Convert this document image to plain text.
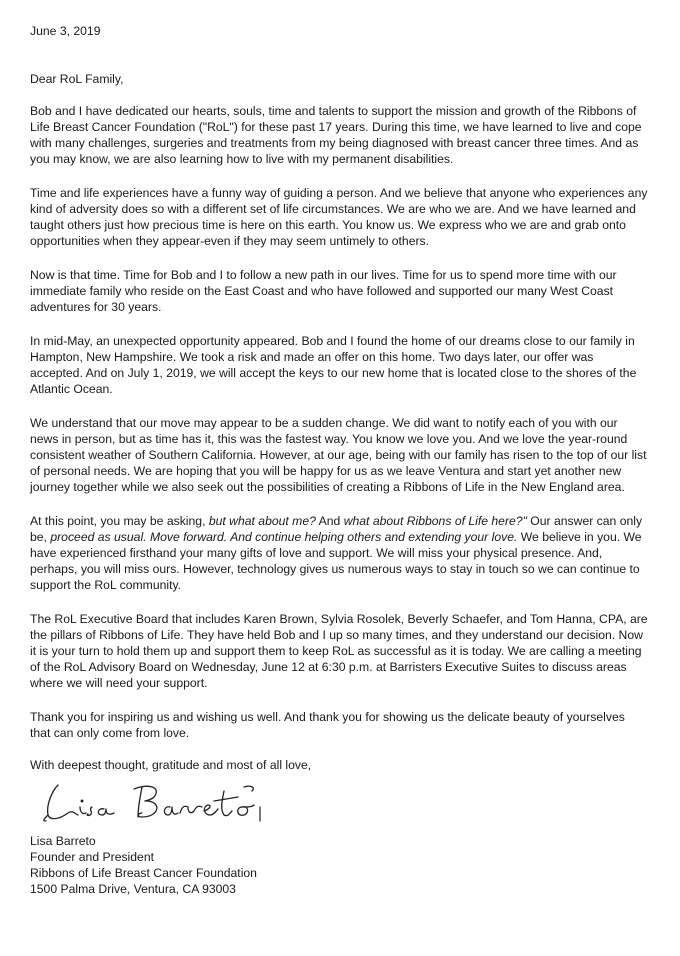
June 3, 2019

Dear RoL Family,

Bob and I have dedicated our hearts, souls, time and talents to support the mission and growth of the Ribbons of Life Breast Cancer Foundation ("RoL") for these past 17 years. During this time, we have learned to live and cope with many challenges, surgeries and treatments from my being diagnosed with breast cancer three times. And as you may know, we are also learning how to live with my permanent disabilities.

Time and life experiences have a funny way of guiding a person. And we believe that anyone who experiences any kind of adversity does so with a different set of life circumstances. We are who we are. And we have learned and taught others just how precious time is here on this earth. You know us. We express who we are and grab onto opportunities when they appear-even if they may seem untimely to others.

Now is that time. Time for Bob and I to follow a new path in our lives. Time for us to spend more time with our immediate family who reside on the East Coast and who have followed and supported our many West Coast adventures for 30 years.

In mid-May, an unexpected opportunity appeared. Bob and I found the home of our dreams close to our family in Hampton, New Hampshire. We took a risk and made an offer on this home. Two days later, our offer was accepted. And on July 1, 2019, we will accept the keys to our new home that is located close to the shores of the Atlantic Ocean.

We understand that our move may appear to be a sudden change. We did want to notify each of you with our news in person, but as time has it, this was the fastest way. You know we love you. And we love the year-round consistent weather of Southern California. However, at our age, being with our family has risen to the top of our list of personal needs. We are hoping that you will be happy for us as we leave Ventura and start yet another new journey together while we also seek out the possibilities of creating a Ribbons of Life in the New England area.

At this point, you may be asking, but what about me? And what about Ribbons of Life here?" Our answer can only be, proceed as usual. Move forward. And continue helping others and extending your love. We believe in you. We have experienced firsthand your many gifts of love and support. We will miss your physical presence. And, perhaps, you will miss ours. However, technology gives us numerous ways to stay in touch so we can continue to support the RoL community.

The RoL Executive Board that includes Karen Brown, Sylvia Rosolek, Beverly Schaefer, and Tom Hanna, CPA, are the pillars of Ribbons of Life. They have held Bob and I up so many times, and they understand our decision. Now it is your turn to hold them up and support them to keep RoL as successful as it is today. We are calling a meeting of the RoL Advisory Board on Wednesday, June 12 at 6:30 p.m. at Barristers Executive Suites to discuss areas where we will need your support.

Thank you for inspiring us and wishing us well. And thank you for showing us the delicate beauty of yourselves that can only come from love.

With deepest thought, gratitude and most of all love,

Lisa Barreto

Founder and President

Ribbons of Life Breast Cancer Foundation

1500 Palma Drive, Ventura, CA 93003
